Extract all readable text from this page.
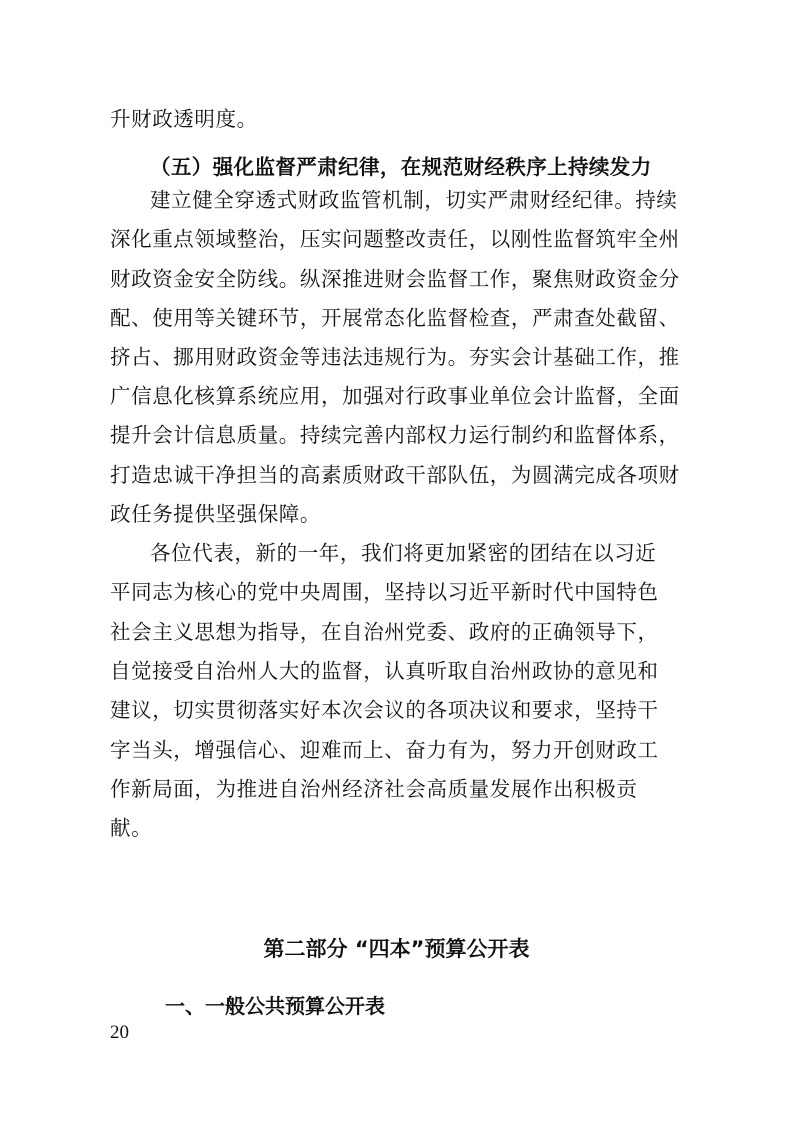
升财政透明度。

（五）强化监督严肃纪律，在规范财经秩序上持续发力

建立健全穿透式财政监管机制，切实严肃财经纪律。持续

深化重点领域整治，压实问题整改责任，以刚性监督筑牢全州

财政资金安全防线。纵深推进财会监督工作，聚焦财政资金分

配、使用等关键环节，开展常态化监督检查，严肃查处截留、

挤占、挪用财政资金等违法违规行为。夯实会计基础工作，推

广信息化核算系统应用，加强对行政事业单位会计监督，全面

提升会计信息质量。持续完善内部权力运行制约和监督体系，

打造忠诚干净担当的高素质财政干部队伍，为圆满完成各项财

政任务提供坚强保障。

各位代表，新的一年，我们将更加紧密的团结在以习近

平同志为核心的党中央周围，坚持以习近平新时代中国特色

社会主义思想为指导，在自治州党委、政府的正确领导下，

自觉接受自治州人大的监督，认真听取自治州政协的意见和

建议，切实贯彻落实好本次会议的各项决议和要求，坚持干

字当头，增强信心、迎难而上、奋力有为，努力开创财政工

作新局面，为推进自治州经济社会高质量发展作出积极贡

献。

第二部分 “四本”预算公开表
一、一般公共预算公开表
20
